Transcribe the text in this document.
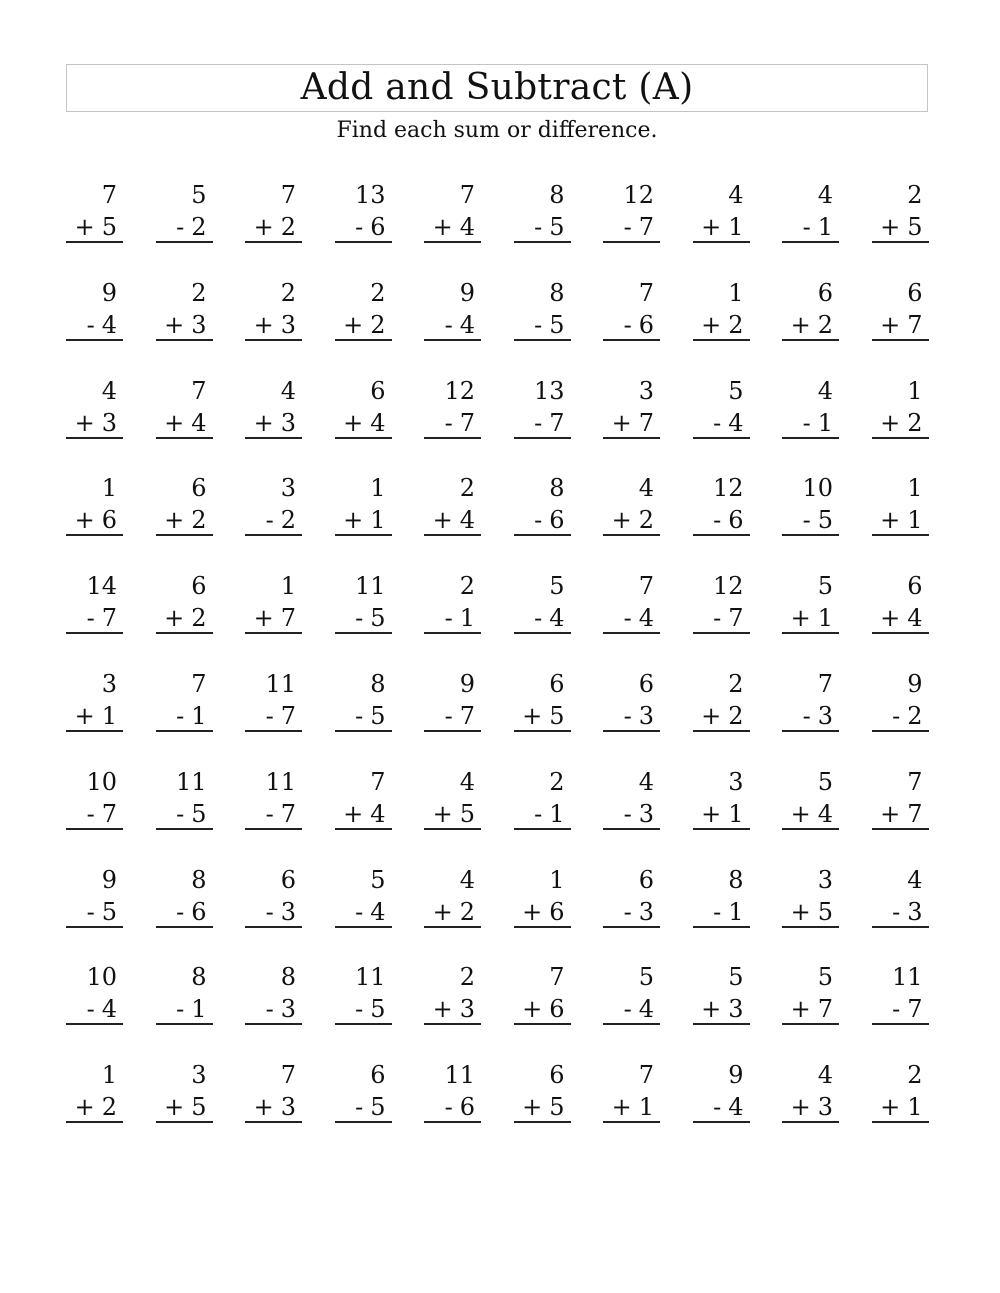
Add and Subtract (A)
Find each sum or difference.
7
+ 5
5
- 2
7
+ 2
13
- 6
7
+ 4
8
- 5
12
- 7
4
+ 1
4
- 1
2
+ 5
9
- 4
2
+ 3
2
+ 3
2
+ 2
9
- 4
8
- 5
7
- 6
1
+ 2
6
+ 2
6
+ 7
4
+ 3
7
+ 4
4
+ 3
6
+ 4
12
- 7
13
- 7
3
+ 7
5
- 4
4
- 1
1
+ 2
1
+ 6
6
+ 2
3
- 2
1
+ 1
2
+ 4
8
- 6
4
+ 2
12
- 6
10
- 5
1
+ 1
14
- 7
6
+ 2
1
+ 7
11
- 5
2
- 1
5
- 4
7
- 4
12
- 7
5
+ 1
6
+ 4
3
+ 1
7
- 1
11
- 7
8
- 5
9
- 7
6
+ 5
6
- 3
2
+ 2
7
- 3
9
- 2
10
- 7
11
- 5
11
- 7
7
+ 4
4
+ 5
2
- 1
4
- 3
3
+ 1
5
+ 4
7
+ 7
9
- 5
8
- 6
6
- 3
5
- 4
4
+ 2
1
+ 6
6
- 3
8
- 1
3
+ 5
4
- 3
10
- 4
8
- 1
8
- 3
11
- 5
2
+ 3
7
+ 6
5
- 4
5
+ 3
5
+ 7
11
- 7
1
+ 2
3
+ 5
7
+ 3
6
- 5
11
- 6
6
+ 5
7
+ 1
9
- 4
4
+ 3
2
+ 1
